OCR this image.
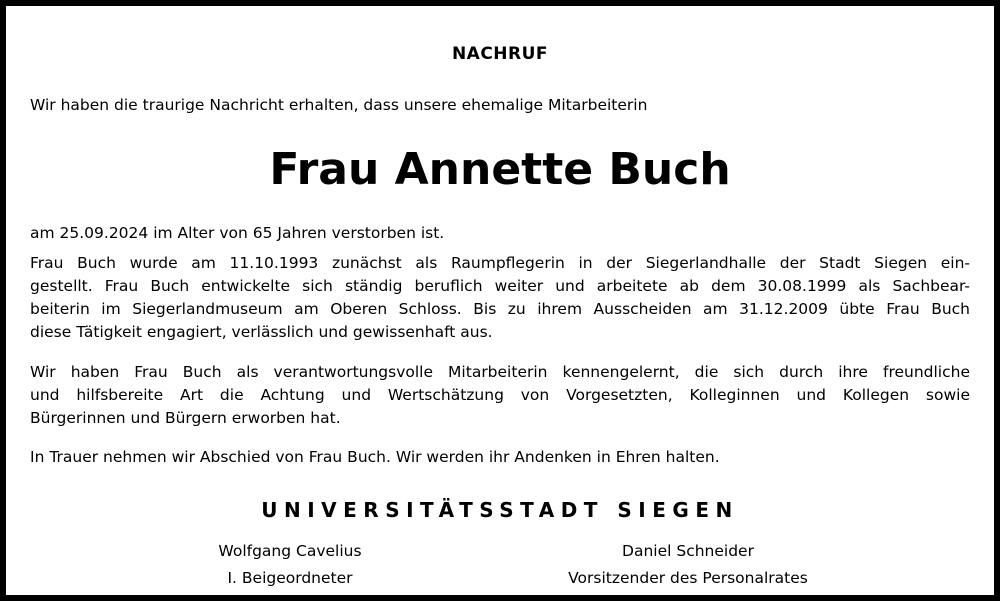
NACHRUF
Wir haben die traurige Nachricht erhalten, dass unsere ehemalige Mitarbeiterin
Frau Annette Buch
am 25.09.2024 im Alter von 65 Jahren verstorben ist.
Frau Buch wurde am 11.10.1993 zunächst als Raumpflegerin in der Siegerlandhalle der Stadt Siegen ein-
gestellt. Frau Buch entwickelte sich ständig beruflich weiter und arbeitete ab dem 30.08.1999 als Sachbear-
beiterin im Siegerlandmuseum am Oberen Schloss. Bis zu ihrem Ausscheiden am 31.12.2009 übte Frau Buch
diese Tätigkeit engagiert, verlässlich und gewissenhaft aus.
Wir haben Frau Buch als verantwortungsvolle Mitarbeiterin kennengelernt, die sich durch ihre freundliche
und hilfsbereite Art die Achtung und Wertschätzung von Vorgesetzten, Kolleginnen und Kollegen sowie
Bürgerinnen und Bürgern erworben hat.
In Trauer nehmen wir Abschied von Frau Buch. Wir werden ihr Andenken in Ehren halten.
UNIVERSITÄTSSTADT SIEGEN
Wolfgang Cavelius
I. Beigeordneter
Daniel Schneider
Vorsitzender des Personalrates
